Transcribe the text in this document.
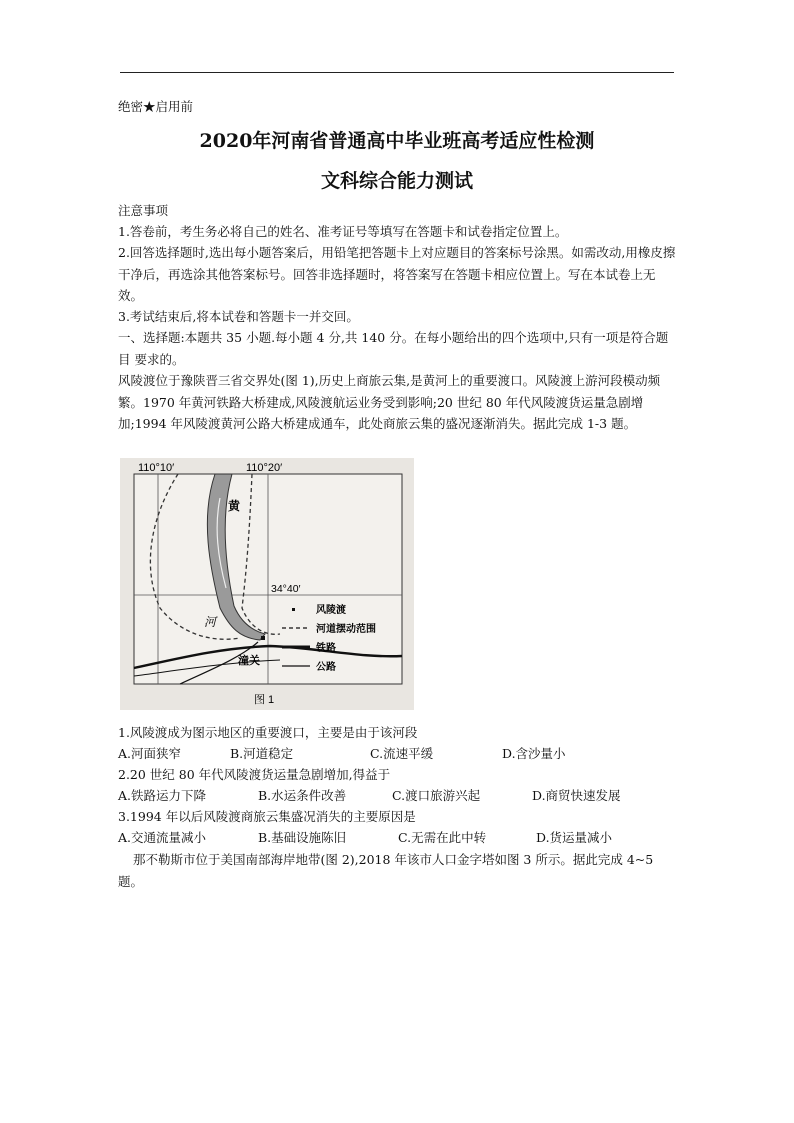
绝密★启用前
2020年河南省普通高中毕业班高考适应性检测
文科综合能力测试
注意事项
1.答卷前，考生务必将自己的姓名、准考证号等填写在答题卡和试卷指定位置上。
2.回答选择题时,选出每小题答案后，用铅笔把答题卡上对应题目的答案标号涂黑。如需改动,用橡皮擦干净后，再选涂其他答案标号。回答非选择题时，将答案写在答题卡相应位置上。写在本试卷上无效。
3.考试结束后,将本试卷和答题卡一并交回。
一、选择题:本题共 35 小题.每小题 4 分,共 140 分。在每小题给出的四个选项中,只有一项是符合题目 要求的。
风陵渡位于豫陕晋三省交界处(图 1),历史上商旅云集,是黄河上的重要渡口。风陵渡上游河段模动频繁。1970 年黄河铁路大桥建成,风陵渡航运业务受到影响;20 世纪 80 年代风陵渡货运量急剧增加;1994 年风陵渡黄河公路大桥建成通车，此处商旅云集的盛况逐渐消失。据此完成 1-3 题。
110°10′	110°20′
34°40′
黄
河
潼关
风陵渡
河道摆动范围
铁路
公路
图 1
1.风陵渡成为图示地区的重要渡口，主要是由于该河段
A.河面狭窄	B.河道稳定	C.流速平缓	D.含沙量小
2.20 世纪 80 年代风陵渡货运量急剧增加,得益于
A.铁路运力下降	B.水运条件改善	C.渡口旅游兴起	D.商贸快速发展
3.1994 年以后风陵渡商旅云集盛况消失的主要原因是
A.交通流量减小	B.基础设施陈旧	C.无需在此中转	D.货运量减小
那不勒斯市位于美国南部海岸地带(图 2),2018 年该市人口金字塔如图 3 所示。据此完成 4~5 题。
